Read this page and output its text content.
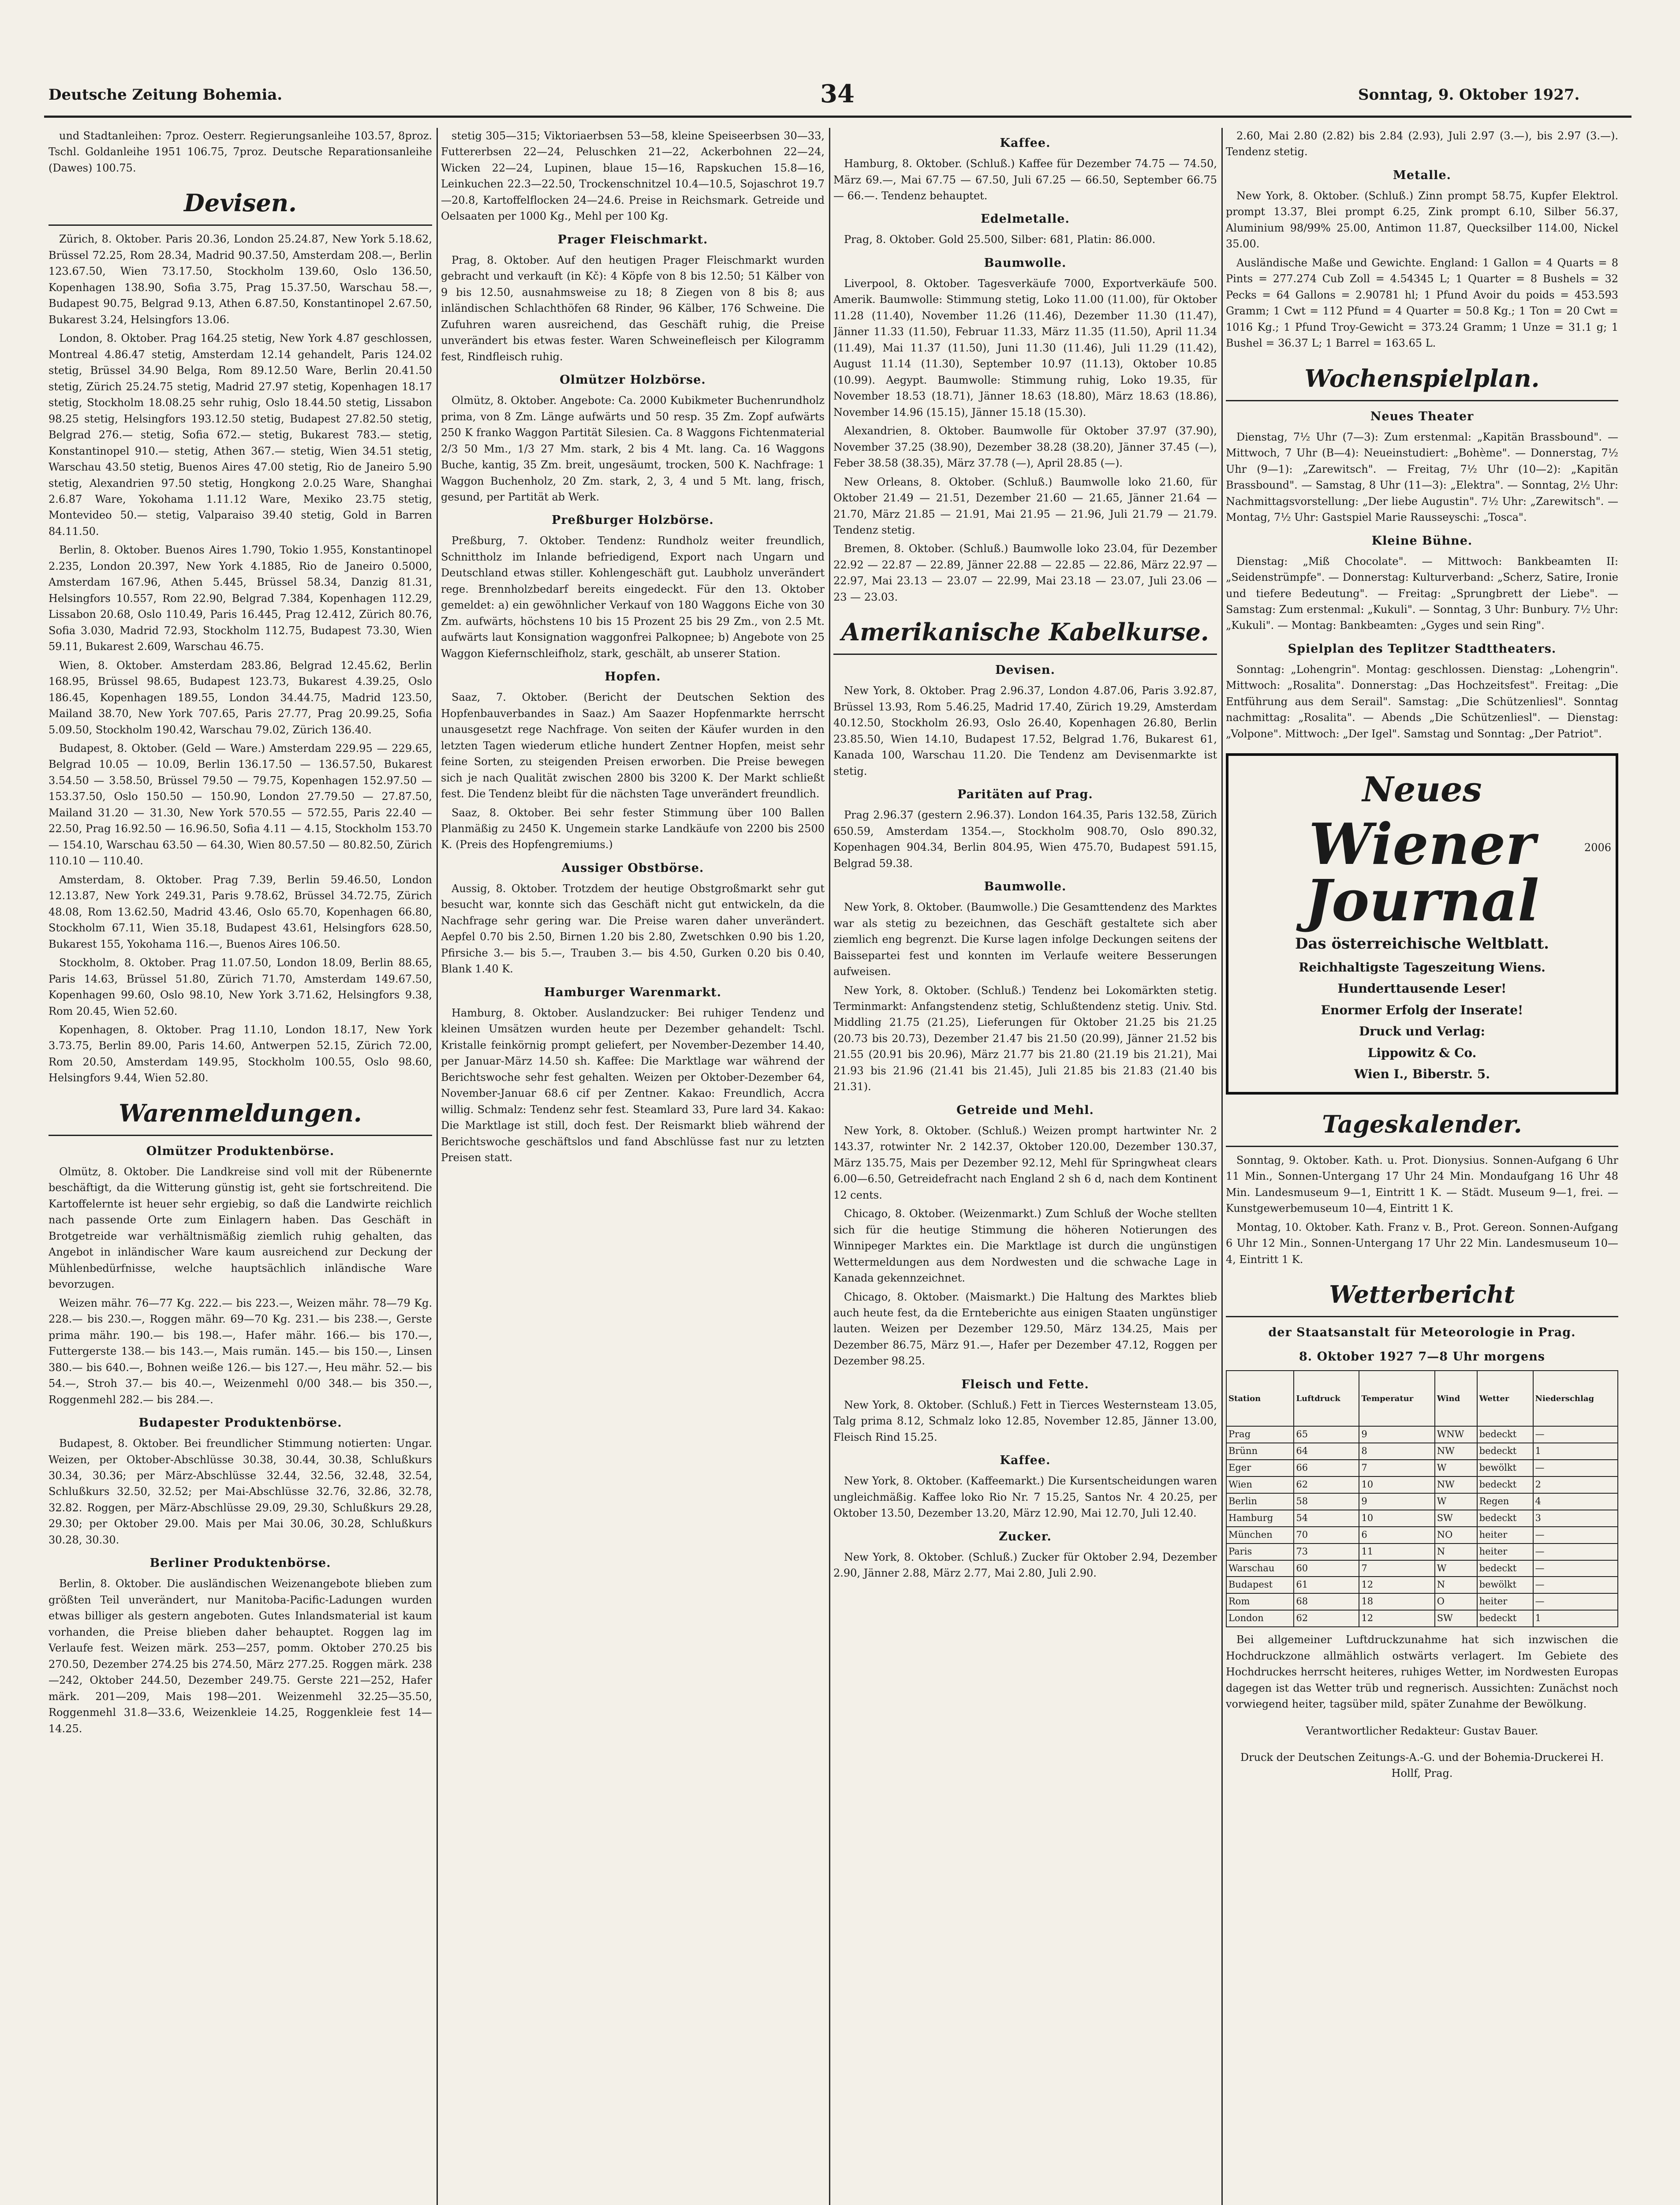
Deutsche Zeitung Bohemia.	34	Sonntag, 9. Oktober 1927.

und Stadtanleihen: 7proz. Oesterr. Regierungsanleihe 103.57, 8proz. Tschl. Goldanleihe 1951 106.75, 7proz. Deutsche Reparationsanleihe (Dawes) 100.75.

Devisen.

Zürich, 8. Oktober. Paris 20.36, London 25.24.87, New York 5.18.62, Brüssel 72.25, Rom 28.34, Madrid 90.37.50, Amsterdam 208.—, Berlin 123.67.50, Wien 73.17.50, Stockholm 139.60, Oslo 136.50, Kopenhagen 138.90, Sofia 3.75, Prag 15.37.50, Warschau 58.—, Budapest 90.75, Belgrad 9.13, Athen 6.87.50, Konstantinopel 2.67.50, Bukarest 3.24, Helsingfors 13.06.

London, 8. Oktober. Prag 164.25 stetig, New York 4.87 geschlossen, Montreal 4.86.47 stetig, Amsterdam 12.14 gehandelt, Paris 124.02 stetig, Brüssel 34.90 Belga, Rom 89.12.50 Ware, Berlin 20.41.50 stetig, Zürich 25.24.75 stetig, Madrid 27.97 stetig, Kopenhagen 18.17 stetig, Stockholm 18.08.25 sehr ruhig, Oslo 18.44.50 stetig, Lissabon 98.25 stetig, Helsingfors 193.12.50 stetig, Budapest 27.82.50 stetig, Belgrad 276.— stetig, Sofia 672.— stetig, Bukarest 783.— stetig, Konstantinopel 910.— stetig, Athen 367.— stetig, Wien 34.51 stetig, Warschau 43.50 stetig, Buenos Aires 47.00 stetig, Rio de Janeiro 5.90 stetig, Alexandrien 97.50 stetig, Hongkong 2.0.25 Ware, Shanghai 2.6.87 Ware, Yokohama 1.11.12 Ware, Mexiko 23.75 stetig, Montevideo 50.— stetig, Valparaiso 39.40 stetig, Gold in Barren 84.11.50.

Berlin, 8. Oktober. Buenos Aires 1.790, Tokio 1.955, Konstantinopel 2.235, London 20.397, New York 4.1885, Rio de Janeiro 0.5000, Amsterdam 167.96, Athen 5.445, Brüssel 58.34, Danzig 81.31, Helsingfors 10.557, Rom 22.90, Belgrad 7.384, Kopenhagen 112.29, Lissabon 20.68, Oslo 110.49, Paris 16.445, Prag 12.412, Zürich 80.76, Sofia 3.030, Madrid 72.93, Stockholm 112.75, Budapest 73.30, Wien 59.11, Bukarest 2.609, Warschau 46.75.

Wien, 8. Oktober. Amsterdam 283.86, Belgrad 12.45.62, Berlin 168.95, Brüssel 98.65, Budapest 123.73, Bukarest 4.39.25, Oslo 186.45, Kopenhagen 189.55, London 34.44.75, Madrid 123.50, Mailand 38.70, New York 707.65, Paris 27.77, Prag 20.99.25, Sofia 5.09.50, Stockholm 190.42, Warschau 79.02, Zürich 136.40.

Budapest, 8. Oktober. (Geld — Ware.) Amsterdam 229.95 — 229.65, Belgrad 10.05 — 10.09, Berlin 136.17.50 — 136.57.50, Bukarest 3.54.50 — 3.58.50, Brüssel 79.50 — 79.75, Kopenhagen 152.97.50 — 153.37.50, Oslo 150.50 — 150.90, London 27.79.50 — 27.87.50, Mailand 31.20 — 31.30, New York 570.55 — 572.55, Paris 22.40 — 22.50, Prag 16.92.50 — 16.96.50, Sofia 4.11 — 4.15, Stockholm 153.70 — 154.10, Warschau 63.50 — 64.30, Wien 80.57.50 — 80.82.50, Zürich 110.10 — 110.40.

Amsterdam, 8. Oktober. Prag 7.39, Berlin 59.46.50, London 12.13.87, New York 249.31, Paris 9.78.62, Brüssel 34.72.75, Zürich 48.08, Rom 13.62.50, Madrid 43.46, Oslo 65.70, Kopenhagen 66.80, Stockholm 67.11, Wien 35.18, Budapest 43.61, Helsingfors 628.50, Bukarest 155, Yokohama 116.—, Buenos Aires 106.50.

Stockholm, 8. Oktober. Prag 11.07.50, London 18.09, Berlin 88.65, Paris 14.63, Brüssel 51.80, Zürich 71.70, Amsterdam 149.67.50, Kopenhagen 99.60, Oslo 98.10, New York 3.71.62, Helsingfors 9.38, Rom 20.45, Wien 52.60.

Kopenhagen, 8. Oktober. Prag 11.10, London 18.17, New York 3.73.75, Berlin 89.00, Paris 14.60, Antwerpen 52.15, Zürich 72.00, Rom 20.50, Amsterdam 149.95, Stockholm 100.55, Oslo 98.60, Helsingfors 9.44, Wien 52.80.

Warenmeldungen.
Olmützer Produktenbörse.

Olmütz, 8. Oktober. Die Landkreise sind voll mit der Rübenernte beschäftigt, da die Witterung günstig ist, geht sie fortschreitend. Die Kartoffelernte ist heuer sehr ergiebig, so daß die Landwirte reichlich nach passende Orte zum Einlagern haben. Das Geschäft in Brotgetreide war verhältnismäßig ziemlich ruhig gehalten, das Angebot in inländischer Ware kaum ausreichend zur Deckung der Mühlenbedürfnisse, welche hauptsächlich inländische Ware bevorzugen.

Weizen mähr. 76—77 Kg. 222.— bis 223.—, Weizen mähr. 78—79 Kg. 228.— bis 230.—, Roggen mähr. 69—70 Kg. 231.— bis 238.—, Gerste prima mähr. 190.— bis 198.—, Hafer mähr. 166.— bis 170.—, Futtergerste 138.— bis 143.—, Mais rumän. 145.— bis 150.—, Linsen 380.— bis 640.—, Bohnen weiße 126.— bis 127.—, Heu mähr. 52.— bis 54.—, Stroh 37.— bis 40.—, Weizenmehl 0/00 348.— bis 350.—, Roggenmehl 282.— bis 284.—.

Budapester Produktenbörse.

Budapest, 8. Oktober. Bei freundlicher Stimmung notierten: Ungar. Weizen, per Oktober-Abschlüsse 30.38, 30.44, 30.38, Schlußkurs 30.34, 30.36; per März-Abschlüsse 32.44, 32.56, 32.48, 32.54, Schlußkurs 32.50, 32.52; per Mai-Abschlüsse 32.76, 32.86, 32.78, 32.82. Roggen, per März-Abschlüsse 29.09, 29.30, Schlußkurs 29.28, 29.30; per Oktober 29.00. Mais per Mai 30.06, 30.28, Schlußkurs 30.28, 30.30.

Berliner Produktenbörse.

Berlin, 8. Oktober. Die ausländischen Weizenangebote blieben zum größten Teil unverändert, nur Manitoba-Pacific-Ladungen wurden etwas billiger als gestern angeboten. Gutes Inlandsmaterial ist kaum vorhanden, die Preise blieben daher behauptet. Roggen lag im Verlaufe fest. Weizen märk. 253—257, pomm. Oktober 270.25 bis 270.50, Dezember 274.25 bis 274.50, März 277.25. Roggen märk. 238—242, Oktober 244.50, Dezember 249.75. Gerste 221—252, Hafer märk. 201—209, Mais 198—201. Weizenmehl 32.25—35.50, Roggenmehl 31.8—33.6, Weizenkleie 14.25, Roggenkleie fest 14—14.25.

stetig 305—315; Viktoriaerbsen 53—58, kleine Speiseerbsen 30—33, Futtererbsen 22—24, Peluschken 21—22, Ackerbohnen 22—24, Wicken 22—24, Lupinen, blaue 15—16, Rapskuchen 15.8—16, Leinkuchen 22.3—22.50, Trockenschnitzel 10.4—10.5, Sojaschrot 19.7—20.8, Kartoffelflocken 24—24.6. Preise in Reichsmark. Getreide und Oelsaaten per 1000 Kg., Mehl per 100 Kg.

Prager Fleischmarkt.

Prag, 8. Oktober. Auf den heutigen Prager Fleischmarkt wurden gebracht und verkauft (in Kč): 4 Köpfe von 8 bis 12.50; 51 Kälber von 9 bis 12.50, ausnahmsweise zu 18; 8 Ziegen von 8 bis 8; aus inländischen Schlachthöfen 68 Rinder, 96 Kälber, 176 Schweine. Die Zufuhren waren ausreichend, das Geschäft ruhig, die Preise unverändert bis etwas fester. Waren Schweinefleisch per Kilogramm fest, Rindfleisch ruhig.

Olmützer Holzbörse.

Olmütz, 8. Oktober. Angebote: Ca. 2000 Kubikmeter Buchenrundholz prima, von 8 Zm. Länge aufwärts und 50 resp. 35 Zm. Zopf aufwärts 250 K franko Waggon Partität Silesien. Ca. 8 Waggons Fichtenmaterial 2/3 50 Mm., 1/3 27 Mm. stark, 2 bis 4 Mt. lang. Ca. 16 Waggons Buche, kantig, 35 Zm. breit, ungesäumt, trocken, 500 K. Nachfrage: 1 Waggon Buchenholz, 20 Zm. stark, 2, 3, 4 und 5 Mt. lang, frisch, gesund, per Partität ab Werk.

Preßburger Holzbörse.

Preßburg, 7. Oktober. Tendenz: Rundholz weiter freundlich, Schnittholz im Inlande befriedigend, Export nach Ungarn und Deutschland etwas stiller. Kohlengeschäft gut. Laubholz unverändert rege. Brennholzbedarf bereits eingedeckt. Für den 13. Oktober gemeldet: a) ein gewöhnlicher Verkauf von 180 Waggons Eiche von 30 Zm. aufwärts, höchstens 10 bis 15 Prozent 25 bis 29 Zm., von 2.5 Mt. aufwärts laut Konsignation waggonfrei Palkopnee; b) Angebote von 25 Waggon Kiefernschleifholz, stark, geschält, ab unserer Station.

Hopfen.

Saaz, 7. Oktober. (Bericht der Deutschen Sektion des Hopfenbauverbandes in Saaz.) Am Saazer Hopfenmarkte herrscht unausgesetzt rege Nachfrage. Von seiten der Käufer wurden in den letzten Tagen wiederum etliche hundert Zentner Hopfen, meist sehr feine Sorten, zu steigenden Preisen erworben. Die Preise bewegen sich je nach Qualität zwischen 2800 bis 3200 K. Der Markt schließt fest. Die Tendenz bleibt für die nächsten Tage unverändert freundlich.

Saaz, 8. Oktober. Bei sehr fester Stimmung über 100 Ballen Planmäßig zu 2450 K. Ungemein starke Landkäufe von 2200 bis 2500 K. (Preis des Hopfengremiums.)

Aussiger Obstbörse.

Aussig, 8. Oktober. Trotzdem der heutige Obstgroßmarkt sehr gut besucht war, konnte sich das Geschäft nicht gut entwickeln, da die Nachfrage sehr gering war. Die Preise waren daher unverändert. Aepfel 0.70 bis 2.50, Birnen 1.20 bis 2.80, Zwetschken 0.90 bis 1.20, Pfirsiche 3.— bis 5.—, Trauben 3.— bis 4.50, Gurken 0.20 bis 0.40, Blank 1.40 K.

Hamburger Warenmarkt.

Hamburg, 8. Oktober. Auslandzucker: Bei ruhiger Tendenz und kleinen Umsätzen wurden heute per Dezember gehandelt: Tschl. Kristalle feinkörnig prompt geliefert, per November-Dezember 14.40, per Januar-März 14.50 sh. Kaffee: Die Marktlage war während der Berichtswoche sehr fest gehalten. Weizen per Oktober-Dezember 64, November-Januar 68.6 cif per Zentner. Kakao: Freundlich, Accra willig. Schmalz: Tendenz sehr fest. Steamlard 33, Pure lard 34. Kakao: Die Marktlage ist still, doch fest. Der Reismarkt blieb während der Berichtswoche geschäftslos und fand Abschlüsse fast nur zu letzten Preisen statt.

Kaffee.

Hamburg, 8. Oktober. (Schluß.) Kaffee für Dezember 74.75 — 74.50, März 69.—, Mai 67.75 — 67.50, Juli 67.25 — 66.50, September 66.75 — 66.—. Tendenz behauptet.

Edelmetalle.

Prag, 8. Oktober. Gold 25.500, Silber: 681, Platin: 86.000.

Baumwolle.

Liverpool, 8. Oktober. Tagesverkäufe 7000, Exportverkäufe 500. Amerik. Baumwolle: Stimmung stetig, Loko 11.00 (11.00), für Oktober 11.28 (11.40), November 11.26 (11.46), Dezember 11.30 (11.47), Jänner 11.33 (11.50), Februar 11.33, März 11.35 (11.50), April 11.34 (11.49), Mai 11.37 (11.50), Juni 11.30 (11.46), Juli 11.29 (11.42), August 11.14 (11.30), September 10.97 (11.13), Oktober 10.85 (10.99). Aegypt. Baumwolle: Stimmung ruhig, Loko 19.35, für November 18.53 (18.71), Jänner 18.63 (18.80), März 18.63 (18.86), November 14.96 (15.15), Jänner 15.18 (15.30).

Alexandrien, 8. Oktober. Baumwolle für Oktober 37.97 (37.90), November 37.25 (38.90), Dezember 38.28 (38.20), Jänner 37.45 (—), Feber 38.58 (38.35), März 37.78 (—), April 28.85 (—).

New Orleans, 8. Oktober. (Schluß.) Baumwolle loko 21.60, für Oktober 21.49 — 21.51, Dezember 21.60 — 21.65, Jänner 21.64 — 21.70, März 21.85 — 21.91, Mai 21.95 — 21.96, Juli 21.79 — 21.79. Tendenz stetig.

Bremen, 8. Oktober. (Schluß.) Baumwolle loko 23.04, für Dezember 22.92 — 22.87 — 22.89, Jänner 22.88 — 22.85 — 22.86, März 22.97 — 22.97, Mai 23.13 — 23.07 — 22.99, Mai 23.18 — 23.07, Juli 23.06 — 23 — 23.03.

Amerikanische Kabelkurse.
Devisen.

New York, 8. Oktober. Prag 2.96.37, London 4.87.06, Paris 3.92.87, Brüssel 13.93, Rom 5.46.25, Madrid 17.40, Zürich 19.29, Amsterdam 40.12.50, Stockholm 26.93, Oslo 26.40, Kopenhagen 26.80, Berlin 23.85.50, Wien 14.10, Budapest 17.52, Belgrad 1.76, Bukarest 61, Kanada 100, Warschau 11.20. Die Tendenz am Devisenmarkte ist stetig.

Paritäten auf Prag.

Prag 2.96.37 (gestern 2.96.37). London 164.35, Paris 132.58, Zürich 650.59, Amsterdam 1354.—, Stockholm 908.70, Oslo 890.32, Kopenhagen 904.34, Berlin 804.95, Wien 475.70, Budapest 591.15, Belgrad 59.38.

Baumwolle.

New York, 8. Oktober. (Baumwolle.) Die Gesamttendenz des Marktes war als stetig zu bezeichnen, das Geschäft gestaltete sich aber ziemlich eng begrenzt. Die Kurse lagen infolge Deckungen seitens der Baissepartei fest und konnten im Verlaufe weitere Besserungen aufweisen.

New York, 8. Oktober. (Schluß.) Tendenz bei Lokomärkten stetig. Terminmarkt: Anfangstendenz stetig, Schlußtendenz stetig. Univ. Std. Middling 21.75 (21.25), Lieferungen für Oktober 21.25 bis 21.25 (20.73 bis 20.73), Dezember 21.47 bis 21.50 (20.99), Jänner 21.52 bis 21.55 (20.91 bis 20.96), März 21.77 bis 21.80 (21.19 bis 21.21), Mai 21.93 bis 21.96 (21.41 bis 21.45), Juli 21.85 bis 21.83 (21.40 bis 21.31).

Getreide und Mehl.

New York, 8. Oktober. (Schluß.) Weizen prompt hartwinter Nr. 2 143.37, rotwinter Nr. 2 142.37, Oktober 120.00, Dezember 130.37, März 135.75, Mais per Dezember 92.12, Mehl für Springwheat clears 6.00—6.50, Getreidefracht nach England 2 sh 6 d, nach dem Kontinent 12 cents.

Chicago, 8. Oktober. (Weizenmarkt.) Zum Schluß der Woche stellten sich für die heutige Stimmung die höheren Notierungen des Winnipeger Marktes ein. Die Marktlage ist durch die ungünstigen Wettermeldungen aus dem Nordwesten und die schwache Lage in Kanada gekennzeichnet.

Chicago, 8. Oktober. (Maismarkt.) Die Haltung des Marktes blieb auch heute fest, da die Ernteberichte aus einigen Staaten ungünstiger lauten. Weizen per Dezember 129.50, März 134.25, Mais per Dezember 86.75, März 91.—, Hafer per Dezember 47.12, Roggen per Dezember 98.25.

Fleisch und Fette.

New York, 8. Oktober. (Schluß.) Fett in Tierces Westernsteam 13.05, Talg prima 8.12, Schmalz loko 12.85, November 12.85, Jänner 13.00, Fleisch Rind 15.25.

Kaffee.

New York, 8. Oktober. (Kaffeemarkt.) Die Kursentscheidungen waren ungleichmäßig. Kaffee loko Rio Nr. 7 15.25, Santos Nr. 4 20.25, per Oktober 13.50, Dezember 13.20, März 12.90, Mai 12.70, Juli 12.40.

Zucker.

New York, 8. Oktober. (Schluß.) Zucker für Oktober 2.94, Dezember 2.90, Jänner 2.88, März 2.77, Mai 2.80, Juli 2.90.

2.60, Mai 2.80 (2.82) bis 2.84 (2.93), Juli 2.97 (3.—), bis 2.97 (3.—). Tendenz stetig.

Metalle.

New York, 8. Oktober. (Schluß.) Zinn prompt 58.75, Kupfer Elektrol. prompt 13.37, Blei prompt 6.25, Zink prompt 6.10, Silber 56.37, Aluminium 98/99% 25.00, Antimon 11.87, Quecksilber 114.00, Nickel 35.00.

Ausländische Maße und Gewichte. England: 1 Gallon = 4 Quarts = 8 Pints = 277.274 Cub Zoll = 4.54345 L; 1 Quarter = 8 Bushels = 32 Pecks = 64 Gallons = 2.90781 hl; 1 Pfund Avoir du poids = 453.593 Gramm; 1 Cwt = 112 Pfund = 4 Quarter = 50.8 Kg.; 1 Ton = 20 Cwt = 1016 Kg.; 1 Pfund Troy-Gewicht = 373.24 Gramm; 1 Unze = 31.1 g; 1 Bushel = 36.37 L; 1 Barrel = 163.65 L.

Wochenspielplan.
Neues Theater

Dienstag, 7½ Uhr (7—3): Zum erstenmal: „Kapitän Brassbound". — Mittwoch, 7 Uhr (B—4): Neueinstudiert: „Bohème". — Donnerstag, 7½ Uhr (9—1): „Zarewitsch". — Freitag, 7½ Uhr (10—2): „Kapitän Brassbound". — Samstag, 8 Uhr (11—3): „Elektra". — Sonntag, 2½ Uhr: Nachmittagsvorstellung: „Der liebe Augustin". 7½ Uhr: „Zarewitsch". — Montag, 7½ Uhr: Gastspiel Marie Rausseyschi: „Tosca".

Kleine Bühne.

Dienstag: „Miß Chocolate". — Mittwoch: Bankbeamten II: „Seidenstrümpfe". — Donnerstag: Kulturverband: „Scherz, Satire, Ironie und tiefere Bedeutung". — Freitag: „Sprungbrett der Liebe". — Samstag: Zum erstenmal: „Kukuli". — Sonntag, 3 Uhr: Bunbury. 7½ Uhr: „Kukuli". — Montag: Bankbeamten: „Gyges und sein Ring".

Spielplan des Teplitzer Stadttheaters.

Sonntag: „Lohengrin". Montag: geschlossen. Dienstag: „Lohengrin". Mittwoch: „Rosalita". Donnerstag: „Das Hochzeitsfest". Freitag: „Die Entführung aus dem Serail". Samstag: „Die Schützenliesl". Sonntag nachmittag: „Rosalita". — Abends „Die Schützenliesl". — Dienstag: „Volpone". Mittwoch: „Der Igel". Samstag und Sonntag: „Der Patriot".

Neues
Wiener Journal
Das österreichische Weltblatt.
Reichhaltigste Tageszeitung Wiens.
Hunderttausende Leser!
Enormer Erfolg der Inserate!
Druck und Verlag:
Lippowitz & Co.
Wien I., Biberstr. 5.
2006
Tageskalender.

Sonntag, 9. Oktober. Kath. u. Prot. Dionysius. Sonnen-Aufgang 6 Uhr 11 Min., Sonnen-Untergang 17 Uhr 24 Min. Mondaufgang 16 Uhr 48 Min. Landesmuseum 9—1, Eintritt 1 K. — Städt. Museum 9—1, frei. — Kunstgewerbemuseum 10—4, Eintritt 1 K.

Montag, 10. Oktober. Kath. Franz v. B., Prot. Gereon. Sonnen-Aufgang 6 Uhr 12 Min., Sonnen-Untergang 17 Uhr 22 Min. Landesmuseum 10—4, Eintritt 1 K.

Wetterbericht
der Staatsanstalt für Meteorologie in Prag.
8. Oktober 1927 7—8 Uhr morgens
Station	Luftdruck	Temperatur	Wind	Wetter	Niederschlag
Prag	65	9	WNW	bedeckt	—
Brünn	64	8	NW	bedeckt	1
Eger	66	7	W	bewölkt	—
Wien	62	10	NW	bedeckt	2
Berlin	58	9	W	Regen	4
Hamburg	54	10	SW	bedeckt	3
München	70	6	NO	heiter	—
Paris	73	11	N	heiter	—
Warschau	60	7	W	bedeckt	—
Budapest	61	12	N	bewölkt	—
Rom	68	18	O	heiter	—
London	62	12	SW	bedeckt	1

Bei allgemeiner Luftdruckzunahme hat sich inzwischen die Hochdruckzone allmählich ostwärts verlagert. Im Gebiete des Hochdruckes herrscht heiteres, ruhiges Wetter, im Nordwesten Europas dagegen ist das Wetter trüb und regnerisch. Aussichten: Zunächst noch vorwiegend heiter, tagsüber mild, später Zunahme der Bewölkung.

Verantwortlicher Redakteur: Gustav Bauer.
Druck der Deutschen Zeitungs-A.-G. und der Bohemia-Druckerei H. Hollf, Prag.
